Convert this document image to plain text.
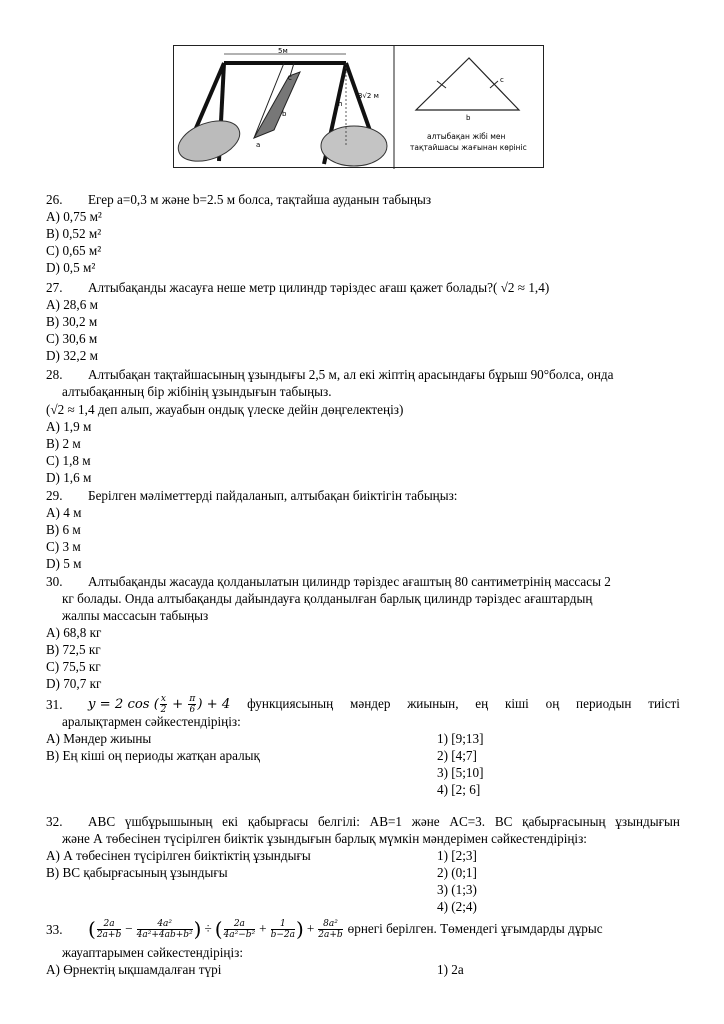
5м
h
3√2 м
b
c
a
c
b
алтыбақан жібі мен
тақтайшасы жағынан көрініс
26. Егер a=0,3 м және b=2.5 м болса, тақтайша ауданын табыңыз
A) 0,75 м²
B) 0,52 м²
C) 0,65 м²
D) 0,5 м²
27. Алтыбақанды жасауға неше метр цилиндр тәріздес ағаш қажет болады?( √2 ≈ 1,4)
A) 28,6 м
B) 30,2 м
C) 30,6 м
D) 32,2 м
28. Алтыбақан тақтайшасының ұзындығы 2,5 м, ал екі жіптің арасындағы бұрыш 90°болса, онда
алтыбақанның бір жібінің ұзындығын табыңыз.
(√2 ≈ 1,4 деп алып, жауабын ондық үлеске дейін дөңгелектеңіз)
A) 1,9 м
B) 2 м
C) 1,8 м
D) 1,6 м
29. Берілген мәліметтерді пайдаланып, алтыбақан биіктігін табыңыз:
A) 4 м
B) 6 м
C) 3 м
D) 5 м
30. Алтыбақанды жасауда қолданылатын цилиндр тәріздес ағаштың 80 сантиметрінің массасы 2
кг болады. Онда алтыбақанды дайындауға қолданылған барлық цилиндр тәріздес ағаштардың
жалпы массасын табыңыз
A) 68,8 кг
B) 72,5 кг
C) 75,5 кг
D) 70,7 кг
31. y = 2 cos ( $\frac{x}{2} + \frac{\pi}{6}$ ) + 4 функциясының мәндер жиынын, ең кіші оң периодын тиісті
аралықтармен сәйкестендіріңіз:
A) Мәндер жиыны
B) Ең кіші оң периоды жатқан аралық
1) [9;13]
2) [4;7]
3) [5;10]
4) [2; 6]
32. ABC үшбұрышының екі қабырғасы белгілі: AB=1 және AC=3. BC қабырғасының ұзындығын
және А төбесінен түсірілген биіктік ұзындығын барлық мүмкін мәндерімен сәйкестендіріңіз:
A) А төбесінен түсірілген биіктіктің ұзындығы
B) BC қабырғасының ұзындығы
1) [2;3]
2) (0;1]
3) (1;3)
4) (2;4)
33. ( $\frac{2a}{2a+b} - \frac{\text{4a²}}{\text{4a²+4ab+b²}}$ ) ÷ ( $\frac{2a}{\text{4a²−b²}} + \frac{1}{b-2a}$ ) + $\frac{\text{8a²}}{2a+b}$ өрнегі берілген. Төмендегі ұғымдарды дұрыс
жауаптарымен сәйкестендіріңіз:
A) Өрнектің ықшамдалған түрі	1) 2a
